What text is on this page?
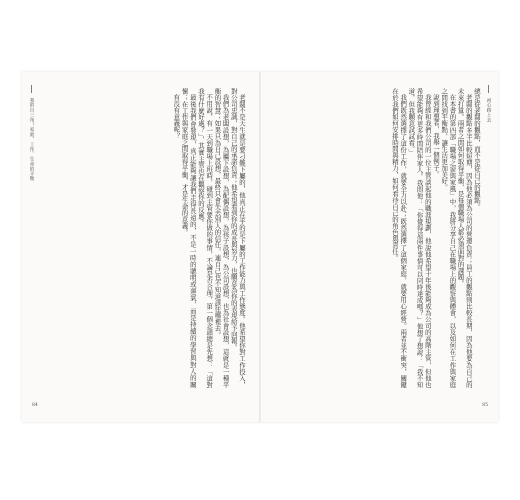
我的自三角！家庭、工作、生命的平衡	老闆不是天生就是要刁難下屬的，他真正在乎的是下屬的工作能力與工作態度。他希望你對工作投入，對公司忠誠，對自己的承諾負責；他希望看到你的成長與努力，也願意為你的表現給予回報。

我們為老闆設想，為屬下設想，為配偶設想，為孩子設想，為公司設想，也為社會設想，這就是一種平衡的智慧；如果只為自己設想，最終只會失去別人的信任，連自己也不知道該往哪裡去。

不用說，有一天到職場上班時，碰到主管要你做的事情，不論是否合理，第一個念頭總是先想：「這對我有什麼好處？」，其實主管也在觀察你的反應。

最後我們會發現，真正能夠讓我們走得長遠的，不是一時的聰明或運氣，而是持續的學習與對人的關懷；在工作與家庭之間取得平衡，才是生命的意義。

有沒有意義呢？

84

總是從老闆的觀點，而不是從自己的觀點。

老闆的觀點多半比較短期，因為他必須為公司的營運負責；員工的觀點則比較長期，因為他要為自己的未來打算。兩者之間如何取得平衡，是每個職場人都必須面對的課題。

在本書的第四部「職場之窗與家風」中，我將分享自己在職場上的觀察與體會，以及如何在工作與家庭之間找到平衡點，讓生活更加美好。

說到理想者，我舉一個例子。

我曾經和我們公司的一位主管談起他的職涯規劃，他說他希望十年後能夠成為公司的高階主管，但他也希望能夠有更多時間陪伴家人。我問他：「你覺得這兩件事情可以同時達成嗎？」他想了想說：「我不知道，但我願意試試看。」

我們既然選擇了這份工作，就要全力以赴；既然選擇了這個家庭，就要用心經營。兩者並不衝突，關鍵在於我們如何安排時間與精力，如何看待自己的角色與責任。	初心路上去
85
